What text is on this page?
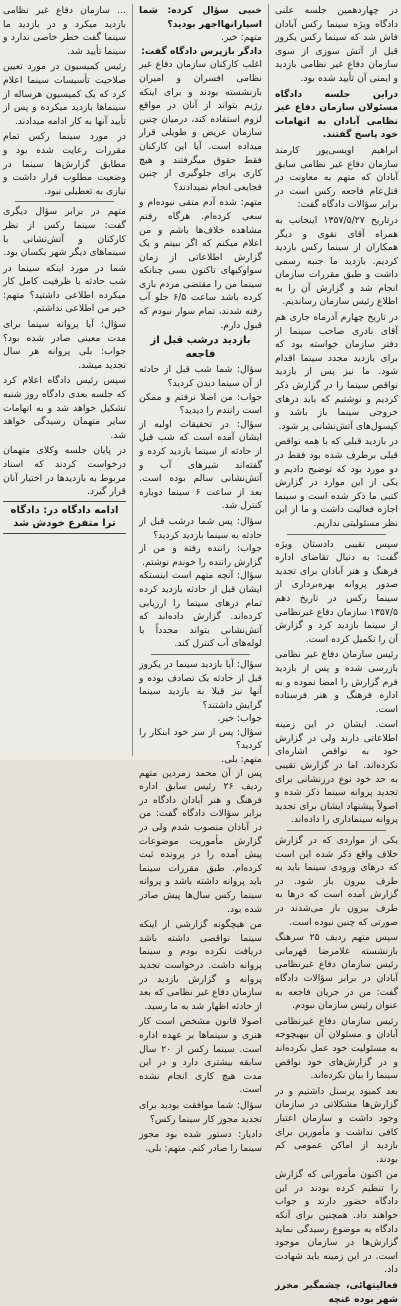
در چهاردهمین جلسه علنی دادگاه ویژه سینما رکس آبادان فاش شد که سینما رکس یکروز قبل از آتش سوزی از سوی سازمان دفاع غیر نظامی بازدید و ایمنی آن تأیید شده بود.

دراین جلسه دادگاه مسئولان سازمان دفاع غیر نظامی آبادان به اتهامات خود پاسخ گفتند.

ابراهیم اویسی‌پور کارمند سازمان دفاع غیر نظامی سابق آبادان که متهم به معاونت در قتل‌عام فاجعه رکس است در برابر سؤالات دادگاه گفت:

درتاریخ ۱۳۵۷/۵/۲۷ اینجانب به همراه آقای نقوی و دیگر همکاران از سینما رکس بازدید کردیم. بازدید ما جنبه رسمی داشت و طبق مقررات سازمان انجام شد و گزارش آن را به اطلاع رئیس سازمان رساندیم.

در تاریخ چهارم آذرماه جاری هم آقای نادری صاحب سینما از دفتر سازمان خواسته بود که برای بازدید مجدد سینما اقدام شود. ما نیز پس از بازدید نواقص سینما را در گزارش ذکر کردیم و نوشتیم که باید درهای خروجی سینما باز باشد و کپسول‌های آتش‌نشانی پر شود.

در بازدید قبلی که با همه نواقص قبلی برطرف شده بود فقط در دو مورد بود که توضیح دادیم و یکی از این موارد در گزارش کتبی ما ذکر شده است و سینما اجازه فعالیت داشت و ما از این نظر مسئولیتی نداریم.

سپس تقیبی دادستان ویژه گفت: به دنبال تقاضای اداره فرهنگ و هنر آبادان برای تجدید صدور پروانه بهره‌برداری از سینما رکس در تاریخ دهم ۱۳۵۷/۵ سازمان دفاع غیرنظامی از سینما بازدید کرد و گزارش آن را تکمیل کرده است.

رئیس سازمان دفاع غیر نظامی بازرسی شده و پس از بازدید فرم گزارش را امضا نموده و به اداره فرهنگ و هنر فرستاده است.

است. ایشان در این زمینه اطلاعاتی دارند ولی در گزارش خود به نواقص اشاره‌ای نکرده‌اند. اما در گزارش تقیبی به حد خود نوع درزنشانی برای تجدید پروانه سینما ذکر شده و اصولاً پیشنهاد ایشان برای تجدید پروانه سینماداری را داده‌اند.

یکی از مواردی که در گزارش خلاف واقع ذکر شده این است که درهای ورودی سینما باید به طرف بیرون باز شود. در گزارش آمده است که درها به طرف بیرون باز می‌شدند در صورتی که چنین نبوده است.

سپس متهم ردیف ۲۵ سرهنگ بازنشسته غلامرضا قهرمانی رئیس سازمان دفاع غیرنظامی آبادان در برابر سؤالات دادگاه گفت: من در جریان فاجعه به عنوان رئیس سازمان نبودم.

رئیس سازمان دفاع غیرنظامی آبادان و مسئولان آن بیهیچوجه به مسئولیت خود عمل نکرده‌اند و در گزارش‌های خود نواقص سینما را بیان نکرده‌اند.

بعد کمبود پرسنل داشتیم و در گزارش‌ها مشکلاتی در سازمان وجود داشت و سازمان اعتبار کافی نداشت و مأمورین برای بازدید از اماکن عمومی کم بودند.

من اکنون مأمورانی که گزارش را تنظیم کرده بودند در این دادگاه حضور دارند و جواب خواهند داد. همچنین برای آنکه دادگاه به موضوع رسیدگی نماید گزارش‌ها در سازمان موجود است. در این زمینه باید شهادت داد.

فعالیتهائی، چشمگیر مخرز شهر بوده غنچه

خبیی سؤال کرده: شما اسپارانها‌اجهر بودید؟

متهم: خیر.

دادگر بازپرس دادگاه گفت:

اغلب کارکنان سازمان دفاع غیر نظامی افسران و امیران بازنشسته بودند و برای اینکه رژیم بتواند از آنان در مواقع لزوم استفاده کند، درمیان چنین سازمان عریض و طویلی قرار میداده است. آیا این کارکنان فقط حقوق میگرفتند و هیچ کاری برای جلوگیری از چنین فجایعی انجام نمیدادند؟

متهم: شده آدم متقی نبوده‌ام و سعی کرده‌ام. هرگاه رفتم مشاهده خلاف‌ها باشم و من اعلام میکنم که اگر ببینم و یک گزارش اطلاعاتی از زمان سواوکیهای تاکنون بسی چنانکه سینما من را مقتضی مردم بازی کرده باشد ساعت ۶/۵ جلو آب رفته شدند، تمام سوار نبودم که قبول دارم.

بازدید درشب قبل از فاجعه

سؤال: شما شب قبل از حادثه از آن سینما دیدن کردید؟

جواب: من اصلا نرفتم و ممکن است رانندم را دیدید؟

سؤال: در تحقیقات اولیه از ایشان آمده است که شب قبل از حادثه از سینما بازدید کرده و گفته‌اند شیرهای آب و آتش‌نشانی سالم بوده است. بعد از ساعت ۶ سینما دوباره کنترل شد.

سؤال: پس شما درشب قبل از حادثه به سینما بازدید کردید؟

جواب: راننده رفته و من از گزارش راننده را خوندم نوشتم.

سؤال: آنچه متهم است اینستکه ایشان قبل از حادثه بازدید کرده تمام درهای سینما را ارزیابی کرده‌اند. گزارش داده‌اند که آتش‌نشانی بتواند مجدداً با لوله‌های آب کنترل کند.

سؤال: آیا بازدید سینما در یکروز قبل از حادثه یک تصادف بوده و آنها نیز قبلا به بازدید سینما گرایش داشتند؟

جواب: خیر.

سؤال: پس از سر خود ابنکار را کردید؟

متهم: بلی.

پس از آن محمد زمردین متهم ردیف ۲۶ رئیس سابق اداره فرهنگ و هنر آبادان دادگاه در برابر سؤالات دادگاه گفت: من در آبادان منصوب شدم ولی در گزارش مأموریت موضوعات پیش آمده را در پرونده ثبت کرده‌ام. طبق مقررات سینما باید پروانه داشته باشد و پروانه سینما رکس سال‌ها پیش صادر شده بود.

من هیچگونه گزارشی از اینکه سینما نواقصی داشته باشد دریافت نکرده بودم و سینما پروانه داشت. درخواست تجدید پروانه و گزارش بازدید در سازمان دفاع غیر نظامی که بعد از حادثه اظهار شد به ما رسید.

اصولا قانون مشخص است کار هنری و سینماها بر عهده اداره است. سینما رکس از ۲۰ سال سابقه بیشتری دارد و در این مدت هیچ کاری انجام نشده است.

سؤال: شما موافقت بودید برای تجدید مجوز کار سینما رکس؟

دادیار: دستور شده بود مجوز سینما را صادر کنم. متهم: بلی.

... سازمان دفاع غیر نظامی بازدید میکرد و در بازدید ما سینما گفت خطر خاصی ندارد و سینما تأیید شد.

رئیس کمیسیون در مورد تعیین صلاحیت تأسیسات سینما اعلام کرد که یک کمیسیون هرساله از سینماها بازدید میکرده و پس از تأیید آنها به کار ادامه میدادند.

در مورد سینما رکس تمام مقررات رعایت شده بود و مطابق گزارش‌ها سینما در وضعیت مطلوب قرار داشت و نیازی به تعطیلی نبود.

متهم در برابر سؤال دیگری گفت: سینما رکس از نظر کارکنان و آتش‌نشانی با سینماهای دیگر شهر یکسان بود.

شما در مورد اینکه سینما در شب حادثه با ظرفیت کامل کار میکرده اطلاعی داشتید؟ متهم: خیر من اطلاعی نداشتم.

سؤال: آیا پروانه سینما برای مدت معینی صادر شده بود؟ جواب: بلی پروانه هر سال تجدید میشد.

سپس رئیس دادگاه اعلام کرد که جلسه بعدی دادگاه روز شنبه تشکیل خواهد شد و به اتهامات سایر متهمان رسیدگی خواهد شد.

در پایان جلسه وکلای متهمان درخواست کردند که اسناد مربوط به بازدیدها در اختیار آنان قرار گیرد.

ادامه دادگاه در: دادگاه ترا متفرع خودش شد
